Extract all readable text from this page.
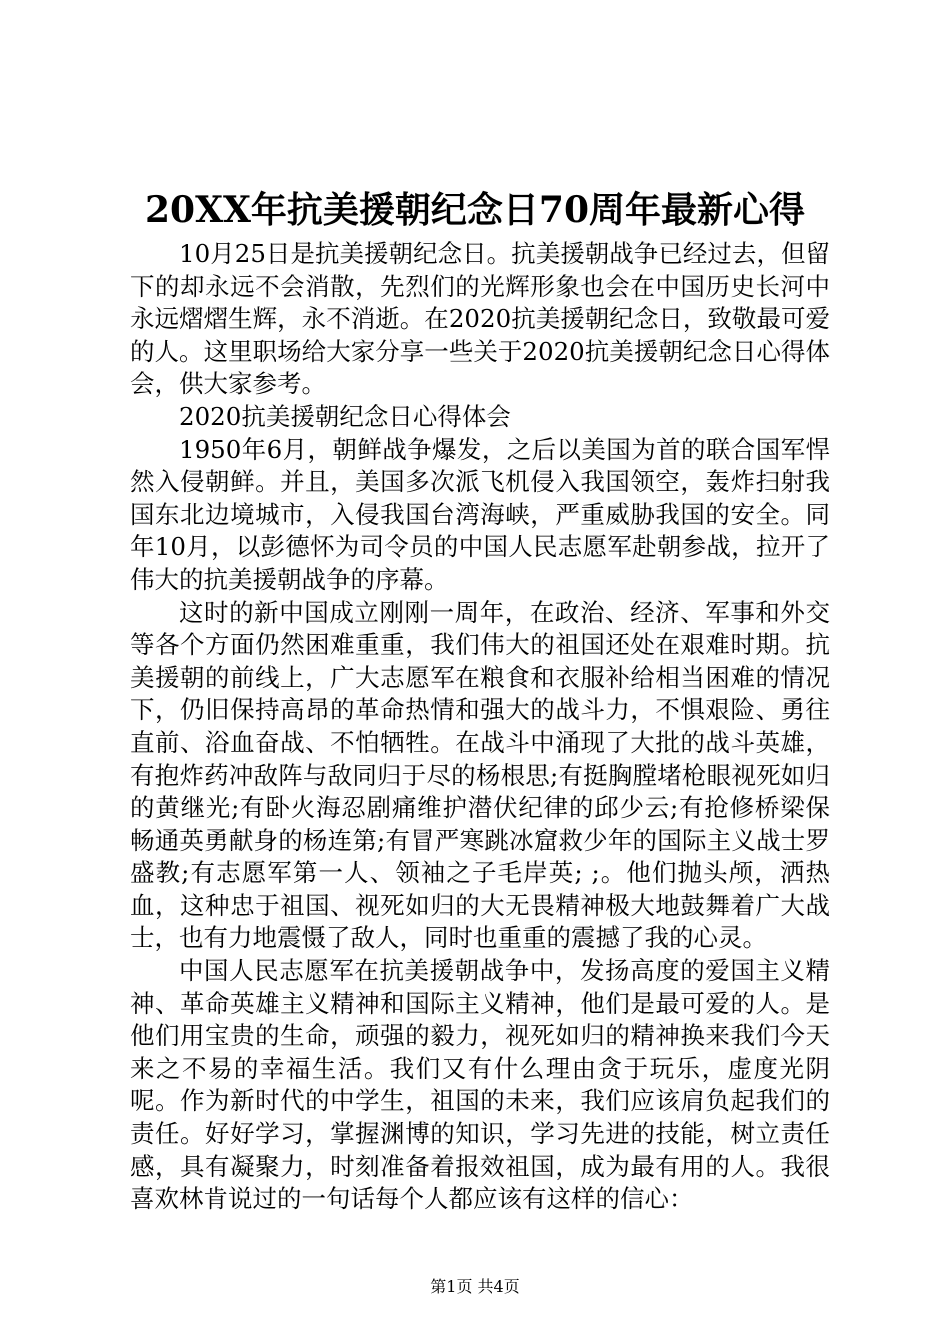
20XX年抗美援朝纪念日70周年最新心得

10月25日是抗美援朝纪念日。抗美援朝战争已经过去，但留下的却永远不会消散，先烈们的光辉形象也会在中国历史长河中永远熠熠生辉，永不消逝。在2020抗美援朝纪念日，致敬最可爱的人。这里职场给大家分享一些关于2020抗美援朝纪念日心得体会，供大家参考。

2020抗美援朝纪念日心得体会

1950年6月，朝鲜战争爆发，之后以美国为首的联合国军悍然入侵朝鲜。并且，美国多次派飞机侵入我国领空，轰炸扫射我国东北边境城市，入侵我国台湾海峡，严重威胁我国的安全。同年10月，以彭德怀为司令员的中国人民志愿军赴朝参战，拉开了伟大的抗美援朝战争的序幕。

这时的新中国成立刚刚一周年，在政治、经济、军事和外交等各个方面仍然困难重重，我们伟大的祖国还处在艰难时期。抗美援朝的前线上，广大志愿军在粮食和衣服补给相当困难的情况下，仍旧保持高昂的革命热情和强大的战斗力，不惧艰险、勇往直前、浴血奋战、不怕牺牲。在战斗中涌现了大批的战斗英雄，有抱炸药冲敌阵与敌同归于尽的杨根思;有挺胸膛堵枪眼视死如归的黄继光;有卧火海忍剧痛维护潜伏纪律的邱少云;有抢修桥梁保畅通英勇献身的杨连第;有冒严寒跳冰窟救少年的国际主义战士罗盛教;有志愿军第一人、领袖之子毛岸英; ;。他们抛头颅，洒热血，这种忠于祖国、视死如归的大无畏精神极大地鼓舞着广大战士，也有力地震慑了敌人，同时也重重的震撼了我的心灵。

中国人民志愿军在抗美援朝战争中，发扬高度的爱国主义精神、革命英雄主义精神和国际主义精神，他们是最可爱的人。是他们用宝贵的生命，顽强的毅力，视死如归的精神换来我们今天来之不易的幸福生活。我们又有什么理由贪于玩乐，虚度光阴呢。作为新时代的中学生，祖国的未来，我们应该肩负起我们的责任。好好学习，掌握渊博的知识，学习先进的技能，树立责任感，具有凝聚力，时刻准备着报效祖国，成为最有用的人。我很喜欢林肯说过的一句话每个人都应该有这样的信心：

第1页 共4页
